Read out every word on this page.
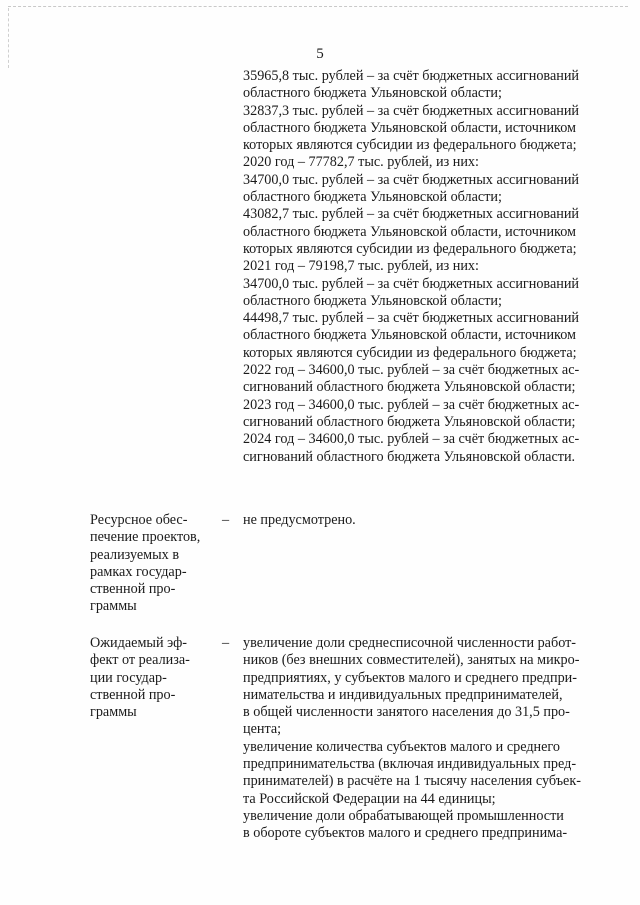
5
35965,8 тыс. рублей – за счёт бюджетных ассигнований
областного бюджета Ульяновской области;
32837,3 тыс. рублей – за счёт бюджетных ассигнований
областного бюджета Ульяновской области, источником
которых являются субсидии из федерального бюджета;
2020 год – 77782,7 тыс. рублей, из них:
34700,0 тыс. рублей – за счёт бюджетных ассигнований
областного бюджета Ульяновской области;
43082,7 тыс. рублей – за счёт бюджетных ассигнований
областного бюджета Ульяновской области, источником
которых являются субсидии из федерального бюджета;
2021 год – 79198,7 тыс. рублей, из них:
34700,0 тыс. рублей – за счёт бюджетных ассигнований
областного бюджета Ульяновской области;
44498,7 тыс. рублей – за счёт бюджетных ассигнований
областного бюджета Ульяновской области, источником
которых являются субсидии из федерального бюджета;
2022 год – 34600,0 тыс. рублей – за счёт бюджетных ас-
сигнований областного бюджета Ульяновской области;
2023 год – 34600,0 тыс. рублей – за счёт бюджетных ас-
сигнований областного бюджета Ульяновской области;
2024 год – 34600,0 тыс. рублей – за счёт бюджетных ас-
сигнований областного бюджета Ульяновской области.
Ресурсное обес-
печение проектов,
реализуемых в
рамках государ-
ственной про-
граммы
– не предусмотрено.
Ожидаемый эф-
фект от реализа-
ции государ-
ственной про-
граммы
– увеличение доли среднесписочной численности работ-
ников (без внешних совместителей), занятых на микро-
предприятиях, у субъектов малого и среднего предпри-
нимательства и индивидуальных предпринимателей,
в общей численности занятого населения до 31,5 про-
цента;
увеличение количества субъектов малого и среднего
предпринимательства (включая индивидуальных пред-
принимателей) в расчёте на 1 тысячу населения субъек-
та Российской Федерации на 44 единицы;
увеличение доли обрабатывающей промышленности
в обороте субъектов малого и среднего предпринима-
